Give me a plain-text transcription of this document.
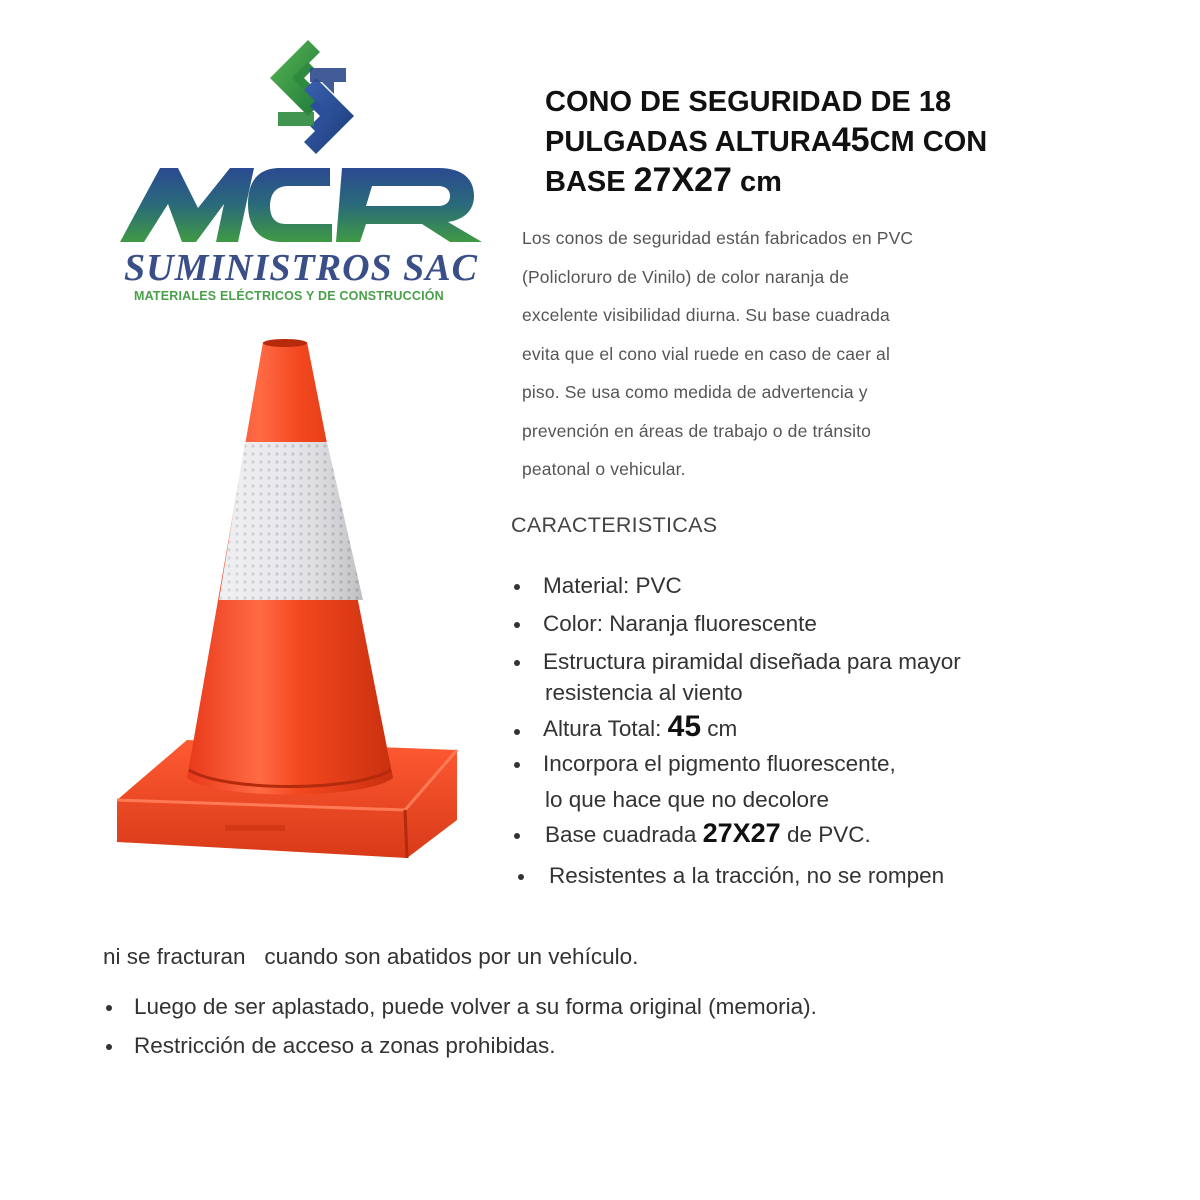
SUMINISTROS SAC
MATERIALES ELÉCTRICOS Y DE CONSTRUCCIÓN
CONO DE SEGURIDAD DE 18
PULGADAS ALTURA45CM CON
BASE 27X27 cm
Los conos de seguridad están fabricados en PVC
(Policloruro de Vinilo) de color naranja de
excelente visibilidad diurna. Su base cuadrada
evita que el cono vial ruede en caso de caer al
piso. Se usa como medida de advertencia y
prevención en áreas de trabajo o de tránsito
peatonal o vehicular.
CARACTERISTICAS
Material: PVC
Color: Naranja fluorescente
Estructura piramidal diseñada para mayor
resistencia al viento
Altura Total: 45 cm
Incorpora el pigmento fluorescente,
lo que hace que no decolore
Base cuadrada 27X27 de PVC.
Resistentes a la tracción, no se rompen
ni se fracturan   cuando son abatidos por un vehículo.
Luego de ser aplastado, puede volver a su forma original (memoria).
Restricción de acceso a zonas prohibidas.
